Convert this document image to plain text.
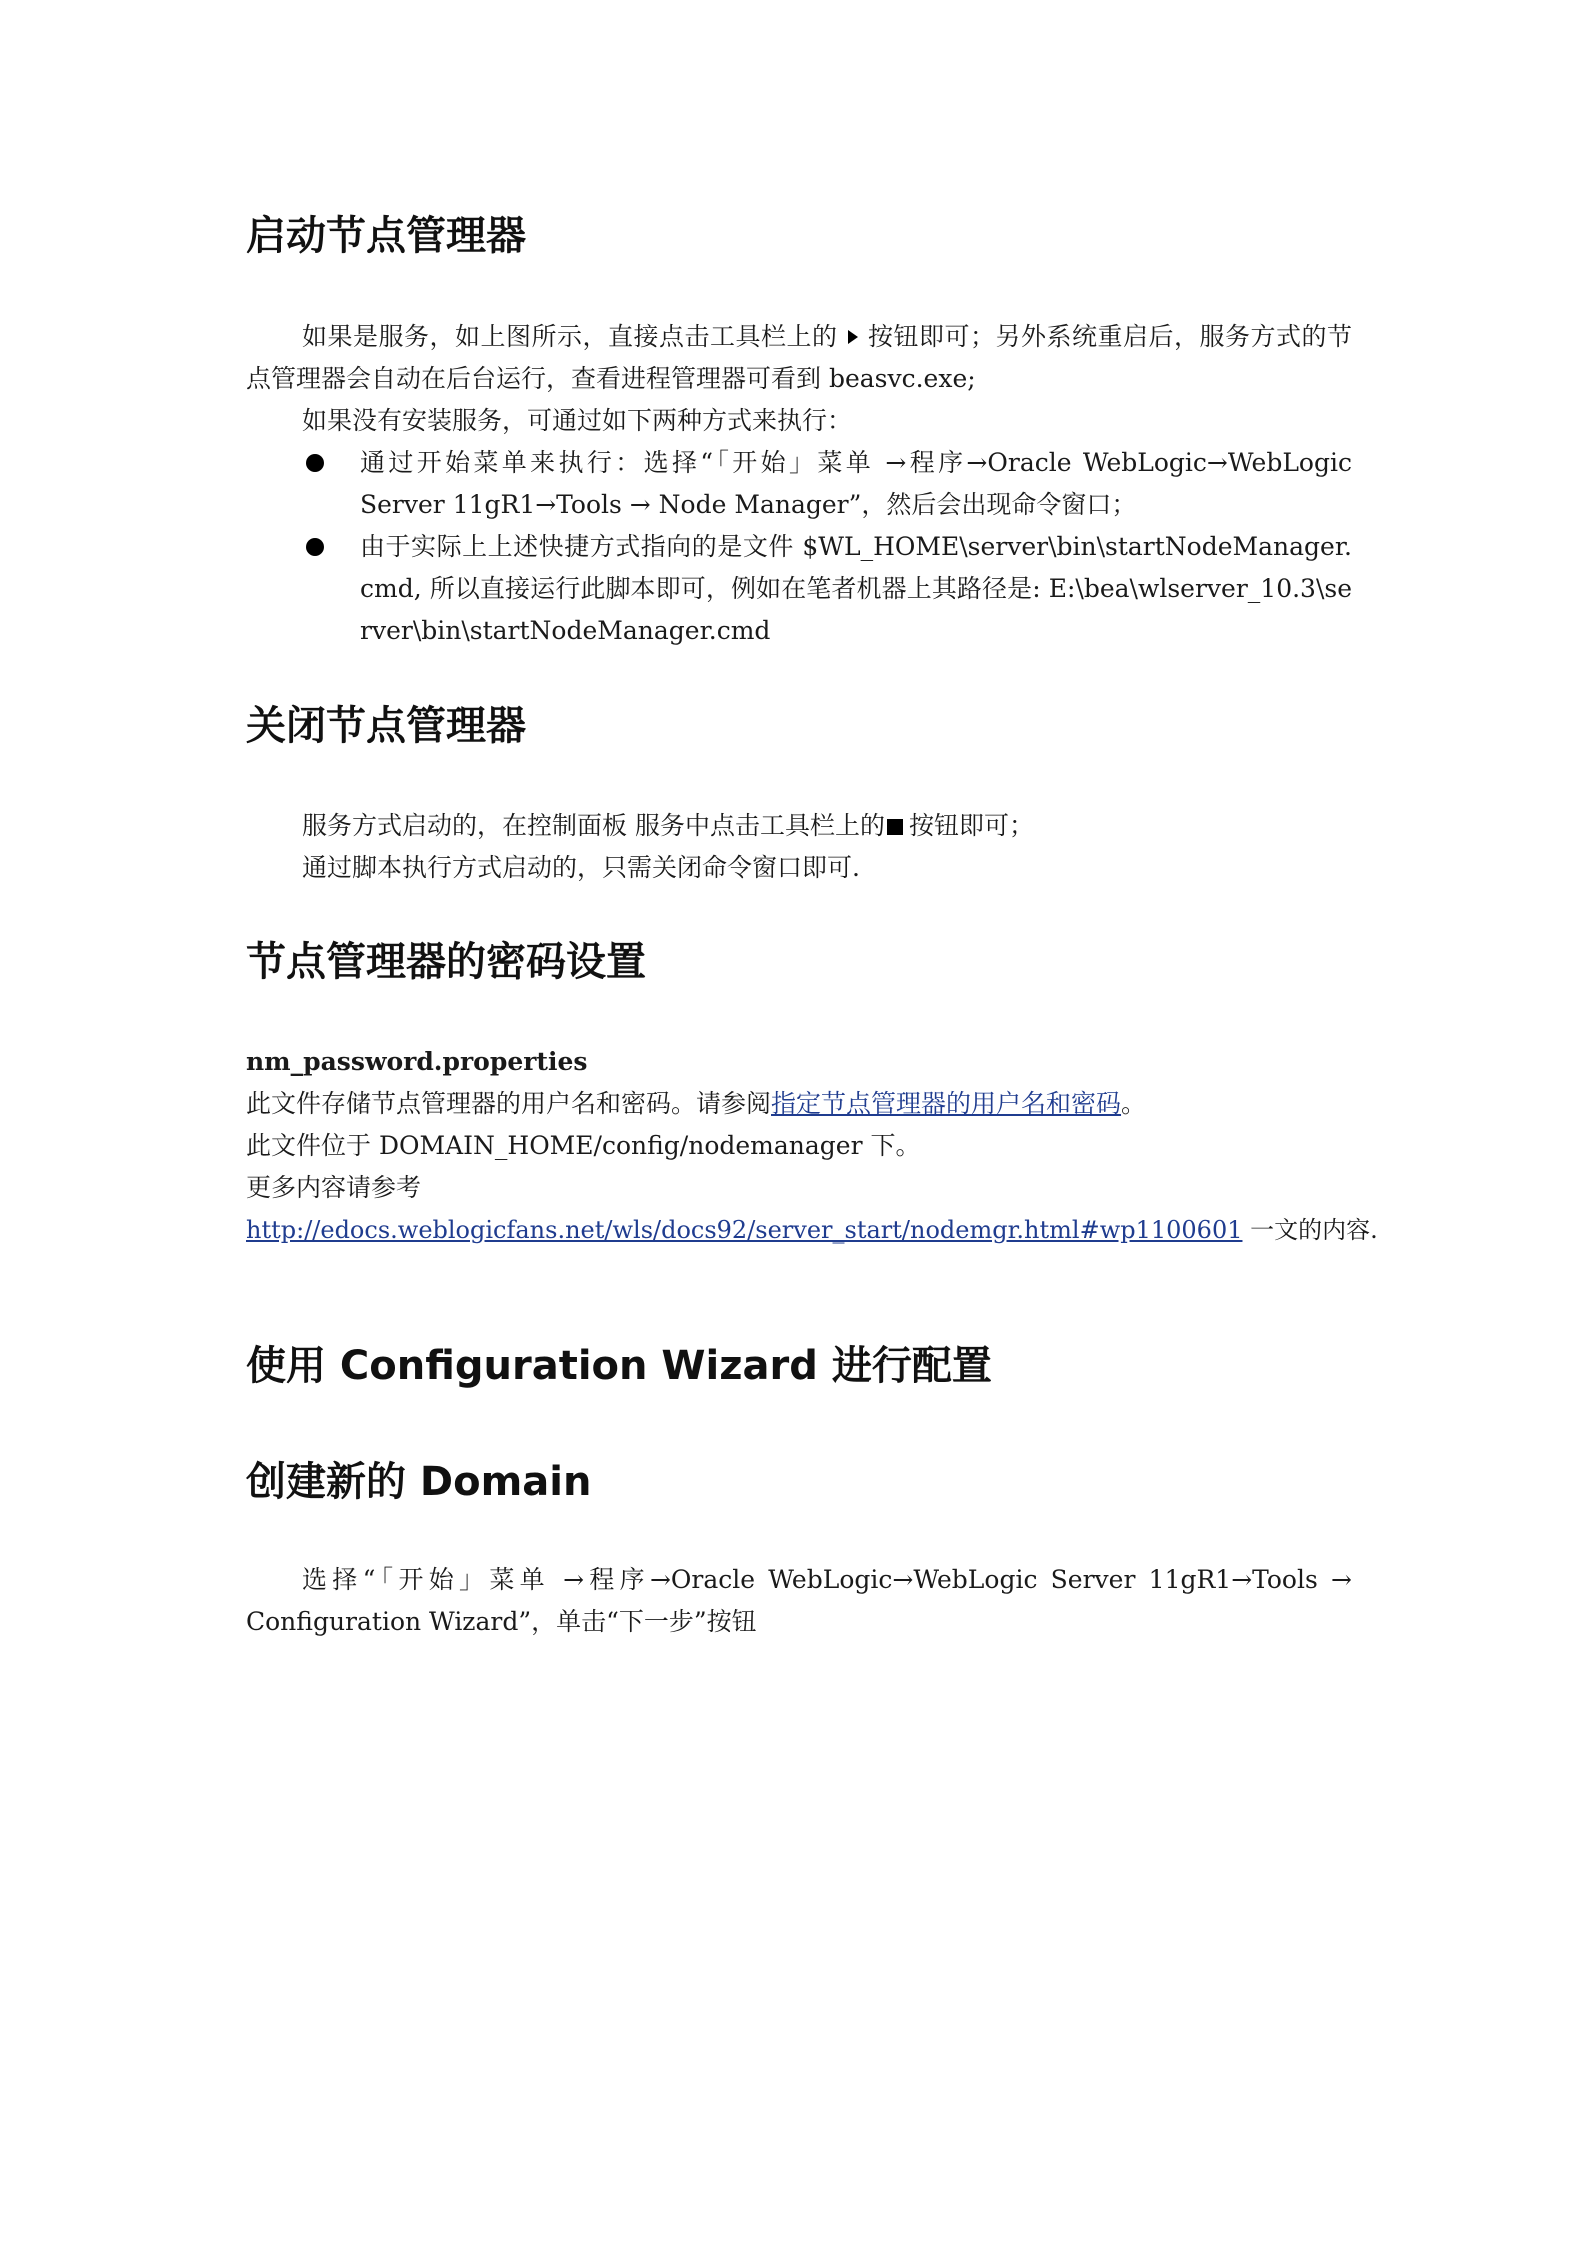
启动节点管理器

如果是服务，如上图所示，直接点击工具栏上的 按钮即可；另外系统重启后，服务方式的节点管理器会自动在后台运行，查看进程管理器可看到 beasvc.exe;

如果没有安装服务，可通过如下两种方式来执行：

通过开始菜单来执行：选择“「开始」菜单 →程序→Oracle WebLogic→WebLogic Server 11gR1→Tools → Node Manager”，然后会出现命令窗口；

由于实际上上述快捷方式指向的是文件 $WL_HOME\server\bin\startNodeManager.cmd, 所以直接运行此脚本即可，例如在笔者机器上其路径是: E:\bea\wlserver_10.3\server\bin\startNodeManager.cmd

关闭节点管理器

服务方式启动的，在控制面板 服务中点击工具栏上的 按钮即可；

通过脚本执行方式启动的，只需关闭命令窗口即可.

节点管理器的密码设置

nm_password.properties

此文件存储节点管理器的用户名和密码。请参阅指定节点管理器的用户名和密码。

此文件位于 DOMAIN_HOME/config/nodemanager 下。

更多内容请参考

http://edocs.weblogicfans.net/wls/docs92/server_start/nodemgr.html#wp1100601 一文的内容.

使用 Configuration Wizard 进行配置
创建新的 Domain

选择“「开始」菜单 →程序→Oracle WebLogic→WebLogic Server 11gR1→Tools → Configuration Wizard”，单击“下一步”按钮
